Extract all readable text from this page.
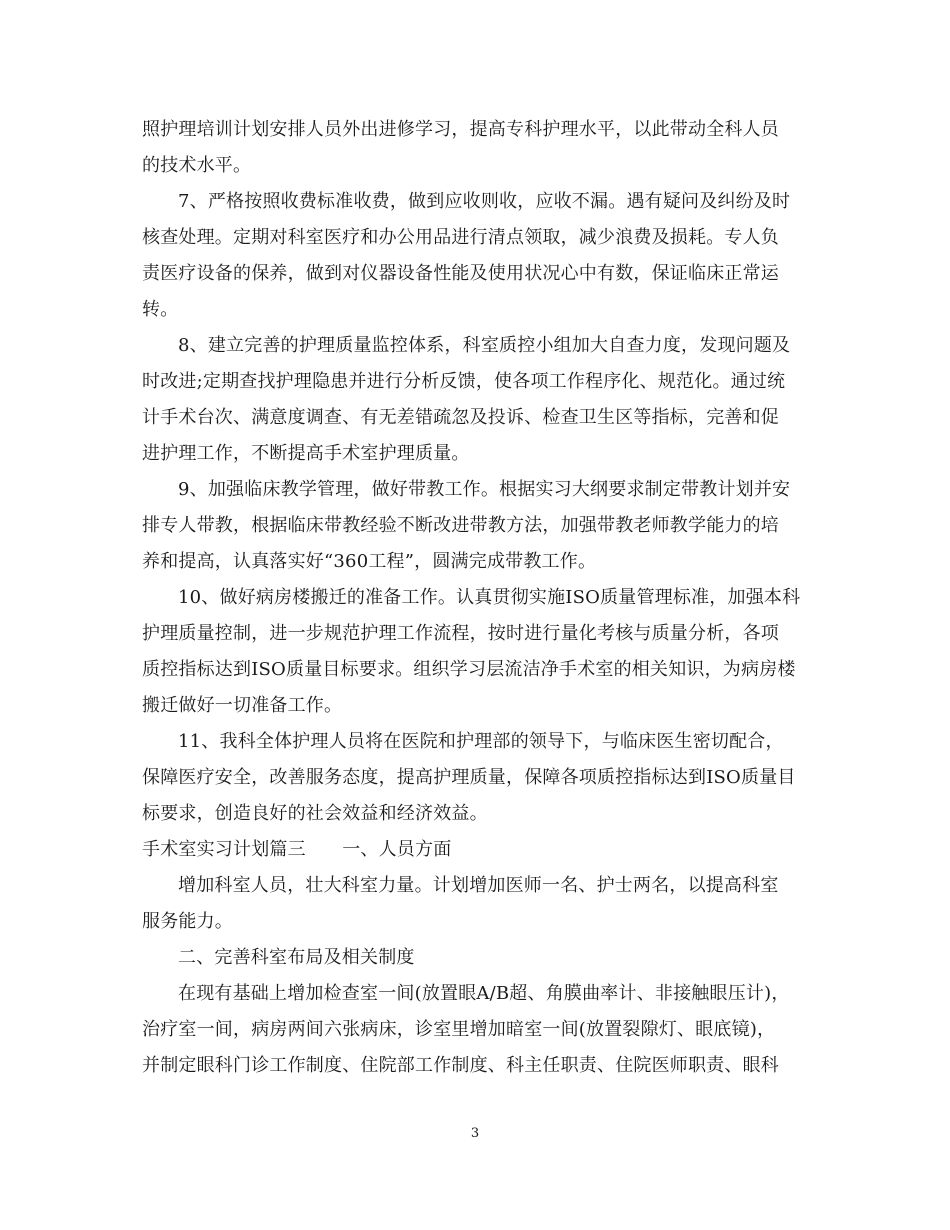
照护理培训计划安排人员外出进修学习，提高专科护理水平，以此带动全科人员
的技术水平。
7、严格按照收费标准收费，做到应收则收，应收不漏。遇有疑问及纠纷及时
核查处理。定期对科室医疗和办公用品进行清点领取，减少浪费及损耗。专人负
责医疗设备的保养，做到对仪器设备性能及使用状况心中有数，保证临床正常运
转。
8、建立完善的护理质量监控体系，科室质控小组加大自查力度，发现问题及
时改进;定期查找护理隐患并进行分析反馈，使各项工作程序化、规范化。通过统
计手术台次、满意度调查、有无差错疏忽及投诉、检查卫生区等指标，完善和促
进护理工作，不断提高手术室护理质量。
9、加强临床教学管理，做好带教工作。根据实习大纲要求制定带教计划并安
排专人带教，根据临床带教经验不断改进带教方法，加强带教老师教学能力的培
养和提高，认真落实好“360工程”，圆满完成带教工作。
10、做好病房楼搬迁的准备工作。认真贯彻实施ISO质量管理标准，加强本科
护理质量控制，进一步规范护理工作流程，按时进行量化考核与质量分析，各项
质控指标达到ISO质量目标要求。组织学习层流洁净手术室的相关知识，为病房楼
搬迁做好一切准备工作。
11、我科全体护理人员将在医院和护理部的领导下，与临床医生密切配合，
保障医疗安全，改善服务态度，提高护理质量，保障各项质控指标达到ISO质量目
标要求，创造良好的社会效益和经济效益。
手术室实习计划篇三　　一、人员方面
增加科室人员，壮大科室力量。计划增加医师一名、护士两名，以提高科室
服务能力。
二、完善科室布局及相关制度
在现有基础上增加检查室一间(放置眼A/B超、角膜曲率计、非接触眼压计)，
治疗室一间，病房两间六张病床，诊室里增加暗室一间(放置裂隙灯、眼底镜)，
并制定眼科门诊工作制度、住院部工作制度、科主任职责、住院医师职责、眼科
3
